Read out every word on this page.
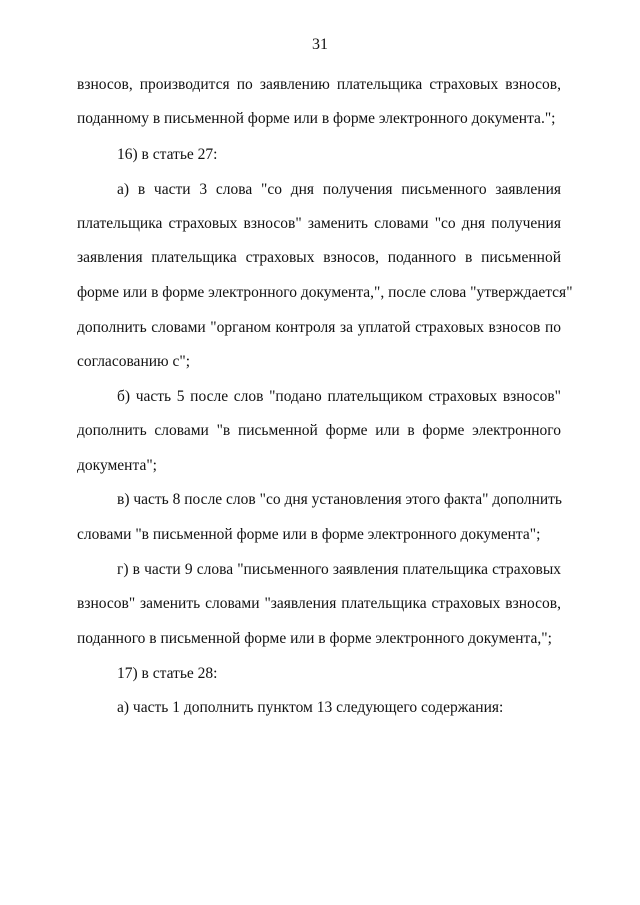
31
взносов, производится по заявлению плательщика страховых взносов,
поданному в письменной форме или в форме электронного документа.";
16) в статье 27:
а) в части 3 слова "со дня получения письменного заявления
плательщика страховых взносов" заменить словами "со дня получения
заявления плательщика страховых взносов, поданного в письменной
форме или в форме электронного документа,", после слова "утверждается"
дополнить словами "органом контроля за уплатой страховых взносов по
согласованию с";
б) часть 5 после слов "подано плательщиком страховых взносов"
дополнить словами "в письменной форме или в форме электронного
документа";
в) часть 8 после слов "со дня установления этого факта" дополнить
словами "в письменной форме или в форме электронного документа";
г) в части 9 слова "письменного заявления плательщика страховых
взносов" заменить словами "заявления плательщика страховых взносов,
поданного в письменной форме или в форме электронного документа,";
17) в статье 28:
а) часть 1 дополнить пунктом 13 следующего содержания:
